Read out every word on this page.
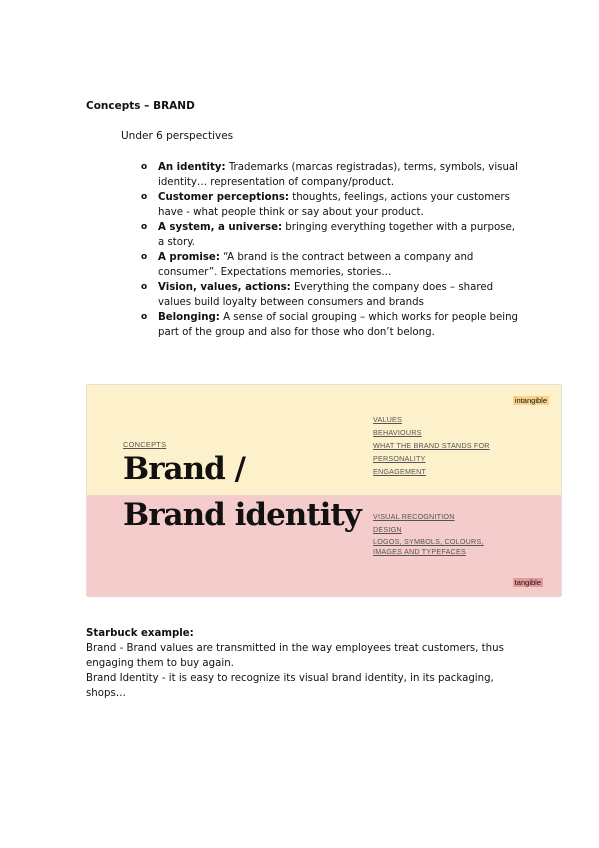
Concepts – BRAND
Under 6 perspectives
o An identity: Trademarks (marcas registradas), terms, symbols, visual identity… representation of company/product.
o Customer perceptions: thoughts, feelings, actions your customers have - what people think or say about your product.
o A system, a universe: bringing everything together with a purpose, a story.
o A promise: “A brand is the contract between a company and consumer”. Expectations memories, stories…
o Vision, values, actions: Everything the company does – shared values build loyalty between consumers and brands
o Belonging: A sense of social grouping – which works for people being part of the group and also for those who don’t belong.
intangible
tangible
CONCEPTS
Brand /
Brand identity
VALUES
BEHAVIOURS
WHAT THE BRAND STANDS FOR
PERSONALITY
ENGAGEMENT
VISUAL RECOGNITION
DESIGN
LOGOS, SYMBOLS, COLOURS, IMAGES AND TYPEFACES

Starbuck example:

Brand - Brand values are transmitted in the way employees treat customers, thus engaging them to buy again.

Brand Identity - it is easy to recognize its visual brand identity, in its packaging, shops…
